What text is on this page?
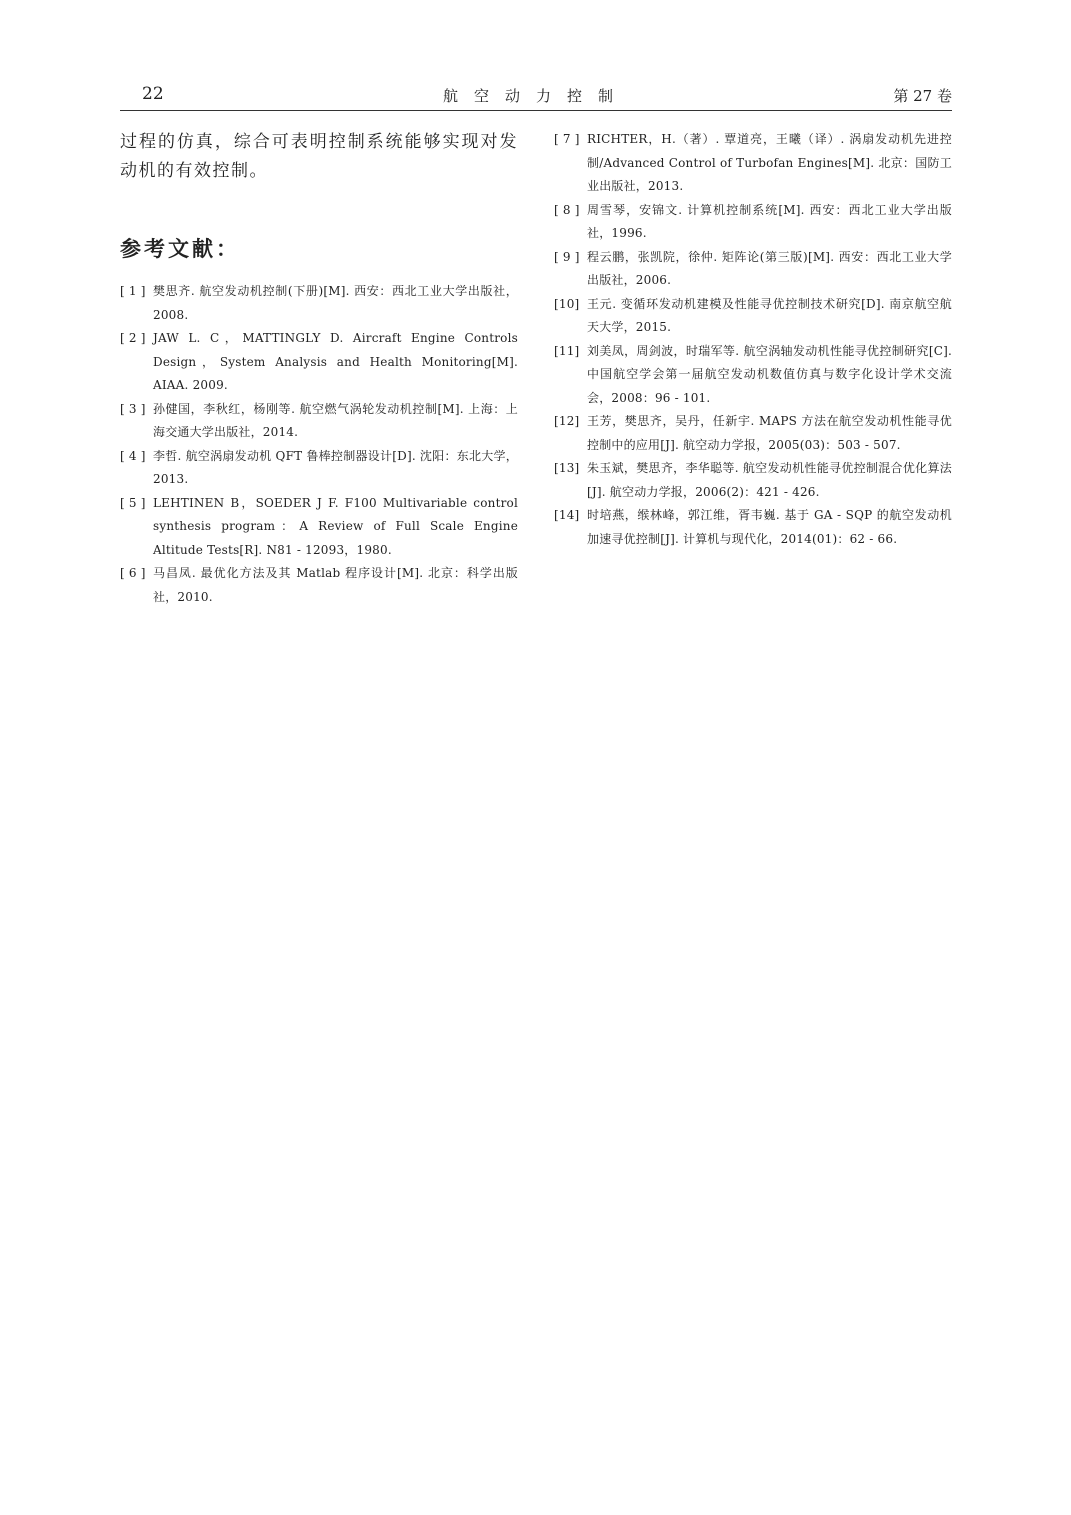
22	航空动力控制	第 27 卷

过程的仿真，综合可表明控制系统能够实现对发动机的有效控制。

参考文献：
[ 1 ] 樊思齐. 航空发动机控制(下册)[M]. 西安：西北工业大学出版社，2008.
[ 2 ] JAW L. C，MATTINGLY D. Aircraft Engine Controls Design，System Analysis and Health Monitoring[M]. AIAA. 2009.
[ 3 ] 孙健国，李秋红，杨刚等. 航空燃气涡轮发动机控制[M]. 上海：上海交通大学出版社，2014.
[ 4 ] 李哲. 航空涡扇发动机 QFT 鲁棒控制器设计[D]. 沈阳：东北大学，2013.
[ 5 ] LEHTINEN B，SOEDER J F. F100 Multivariable control synthesis program：A Review of Full Scale Engine Altitude Tests[R]. N81 - 12093，1980.
[ 6 ] 马昌凤. 最优化方法及其 Matlab 程序设计[M]. 北京：科学出版社，2010.
[ 7 ] RICHTER，H.（著）. 覃道亮，王曦（译）. 涡扇发动机先进控制/Advanced Control of Turbofan Engines[M]. 北京：国防工业出版社，2013.
[ 8 ] 周雪琴，安锦文. 计算机控制系统[M]. 西安：西北工业大学出版社，1996.
[ 9 ] 程云鹏，张凯院，徐仲. 矩阵论(第三版)[M]. 西安：西北工业大学出版社，2006.
[10] 王元. 变循环发动机建模及性能寻优控制技术研究[D]. 南京航空航天大学，2015.
[11] 刘美凤，周剑波，时瑞军等. 航空涡轴发动机性能寻优控制研究[C]. 中国航空学会第一届航空发动机数值仿真与数字化设计学术交流会，2008：96 - 101.
[12] 王芳，樊思齐，吴丹，任新宇. MAPS 方法在航空发动机性能寻优控制中的应用[J]. 航空动力学报，2005(03)：503 - 507.
[13] 朱玉斌，樊思齐，李华聪等. 航空发动机性能寻优控制混合优化算法[J]. 航空动力学报，2006(2)：421 - 426.
[14] 时培燕，缑林峰，郭江维，胥韦巍. 基于 GA - SQP 的航空发动机加速寻优控制[J]. 计算机与现代化，2014(01)：62 - 66.
